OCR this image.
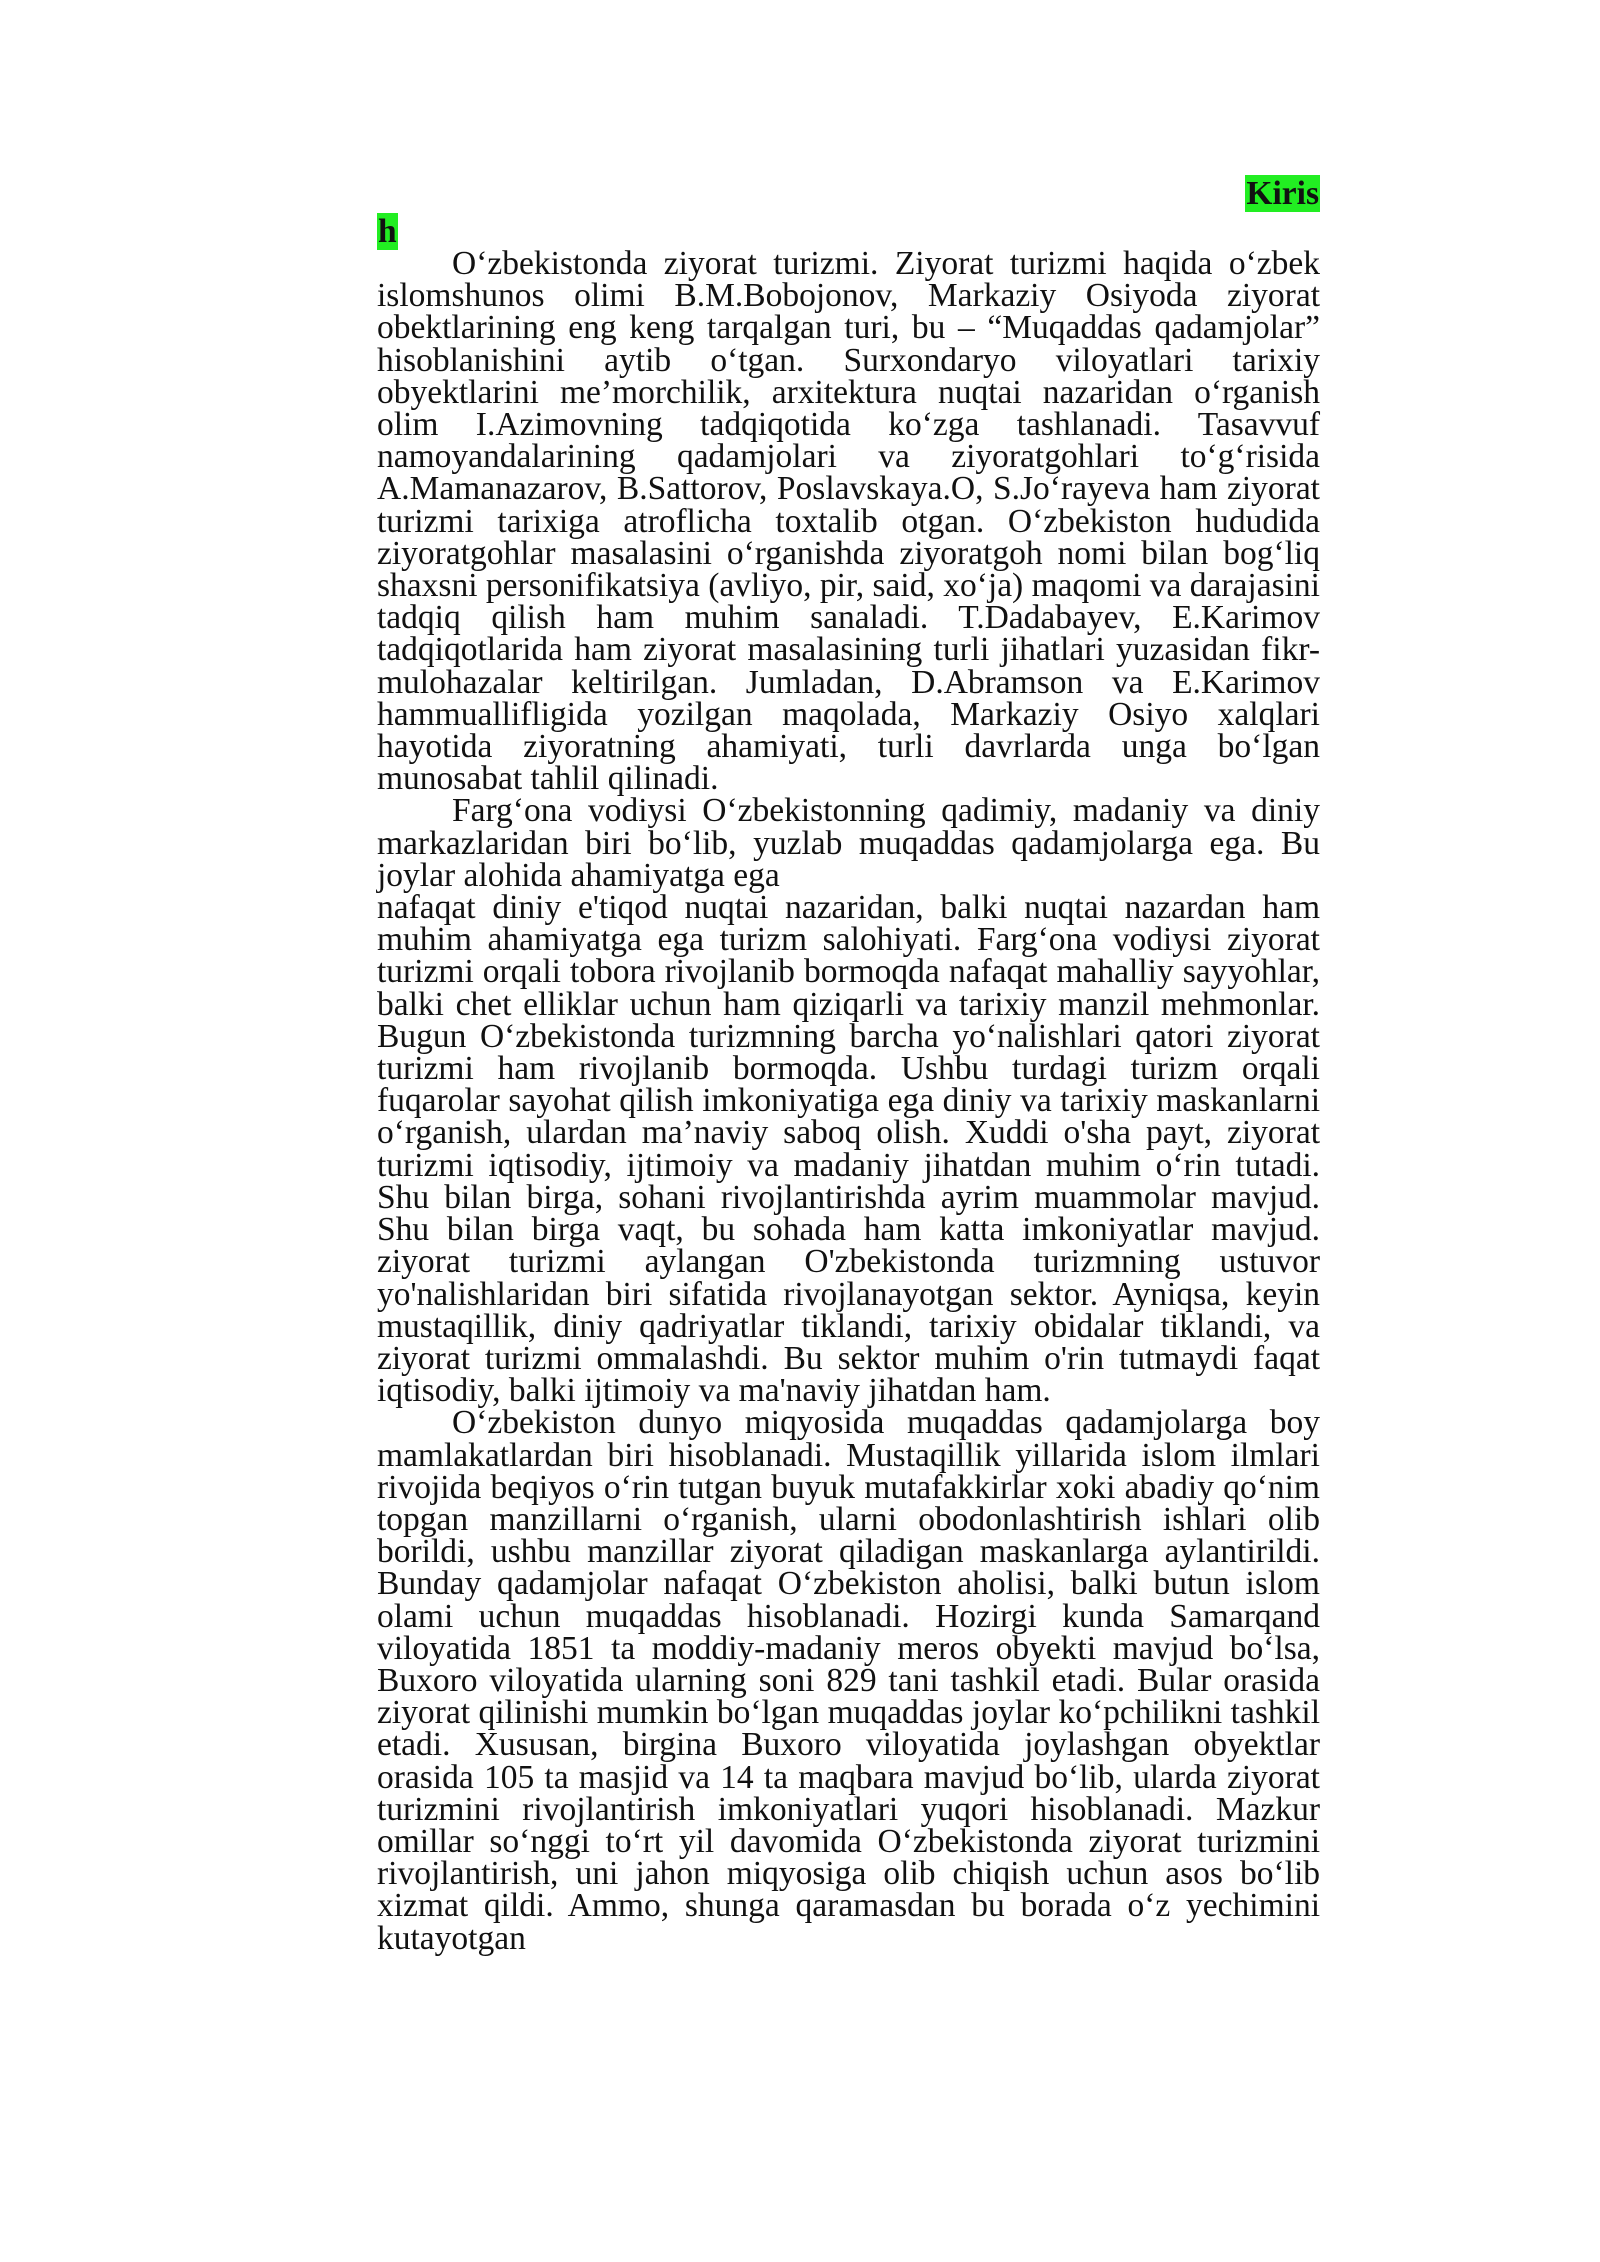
Kiris

h

O‘zbekistonda ziyorat turizmi. Ziyorat turizmi haqida o‘zbek islomshunos olimi B.M.Bobojonov, Markaziy Osiyoda ziyorat obektlarining eng keng tarqalgan turi, bu – “Muqaddas qadamjolar” hisoblanishini aytib o‘tgan. Surxondaryo viloyatlari tarixiy obyektlarini me’morchilik, arxitektura nuqtai nazaridan o‘rganish olim I.Azimovning tadqiqotida ko‘zga tashlanadi. Tasavvuf namoyandalarining qadamjolari va ziyoratgohlari to‘g‘risida A.Mamanazarov, B.Sattorov, Poslavskaya.O, S.Jo‘rayeva ham ziyorat turizmi tarixiga atroflicha toxtalib otgan. O‘zbekiston hududida ziyoratgohlar masalasini o‘rganishda ziyoratgoh nomi bilan bog‘liq shaxsni personifikatsiya (avliyo, pir, said, xo‘ja) maqomi va darajasini tadqiq qilish ham muhim sanaladi. T.Dadabayev, E.Karimov tadqiqotlarida ham ziyorat masalasining turli jihatlari yuzasidan fikr-mulohazalar keltirilgan. Jumladan, D.Abramson va E.Karimov hammuallifligida yozilgan maqolada, Markaziy Osiyo xalqlari hayotida ziyoratning ahamiyati, turli davrlarda unga bo‘lgan munosabat tahlil qilinadi.

Farg‘ona vodiysi O‘zbekistonning qadimiy, madaniy va diniy markazlaridan biri bo‘lib, yuzlab muqaddas qadamjolarga ega. Bu joylar alohida ahamiyatga ega

nafaqat diniy e'tiqod nuqtai nazaridan, balki nuqtai nazardan ham muhim ahamiyatga ega turizm salohiyati. Farg‘ona vodiysi ziyorat turizmi orqali tobora rivojlanib bormoqda nafaqat mahalliy sayyohlar, balki chet elliklar uchun ham qiziqarli va tarixiy manzil mehmonlar. Bugun O‘zbekistonda turizmning barcha yo‘nalishlari qatori ziyorat turizmi ham rivojlanib bormoqda. Ushbu turdagi turizm orqali fuqarolar sayohat qilish imkoniyatiga ega diniy va tarixiy maskanlarni o‘rganish, ulardan ma’naviy saboq olish. Xuddi o'sha payt, ziyorat turizmi iqtisodiy, ijtimoiy va madaniy jihatdan muhim o‘rin tutadi. Shu bilan birga, sohani rivojlantirishda ayrim muammolar mavjud. Shu bilan birga vaqt, bu sohada ham katta imkoniyatlar mavjud. ziyorat turizmi aylangan O'zbekistonda turizmning ustuvor yo'nalishlaridan biri sifatida rivojlanayotgan sektor. Ayniqsa, keyin mustaqillik, diniy qadriyatlar tiklandi, tarixiy obidalar tiklandi, va ziyorat turizmi ommalashdi. Bu sektor muhim o'rin tutmaydi faqat iqtisodiy, balki ijtimoiy va ma'naviy jihatdan ham.

O‘zbekiston dunyo miqyosida muqaddas qadamjolarga boy mamlakatlardan biri hisoblanadi. Mustaqillik yillarida islom ilmlari rivojida beqiyos o‘rin tutgan buyuk mutafakkirlar xoki abadiy qo‘nim topgan manzillarni o‘rganish, ularni obodonlashtirish ishlari olib borildi, ushbu manzillar ziyorat qiladigan maskanlarga aylantirildi. Bunday qadamjolar nafaqat O‘zbekiston aholisi, balki butun islom olami uchun muqaddas hisoblanadi. Hozirgi kunda Samarqand viloyatida 1851 ta moddiy-madaniy meros obyekti mavjud bo‘lsa, Buxoro viloyatida ularning soni 829 tani tashkil etadi. Bular orasida ziyorat qilinishi mumkin bo‘lgan muqaddas joylar ko‘pchilikni tashkil etadi. Xususan, birgina Buxoro viloyatida joylashgan obyektlar orasida 105 ta masjid va 14 ta maqbara mavjud bo‘lib, ularda ziyorat turizmini rivojlantirish imkoniyatlari yuqori hisoblanadi. Mazkur omillar so‘nggi to‘rt yil davomida O‘zbekistonda ziyorat turizmini rivojlantirish, uni jahon miqyosiga olib chiqish uchun asos bo‘lib xizmat qildi. Ammo, shunga qaramasdan bu borada o‘z yechimini kutayotgan
